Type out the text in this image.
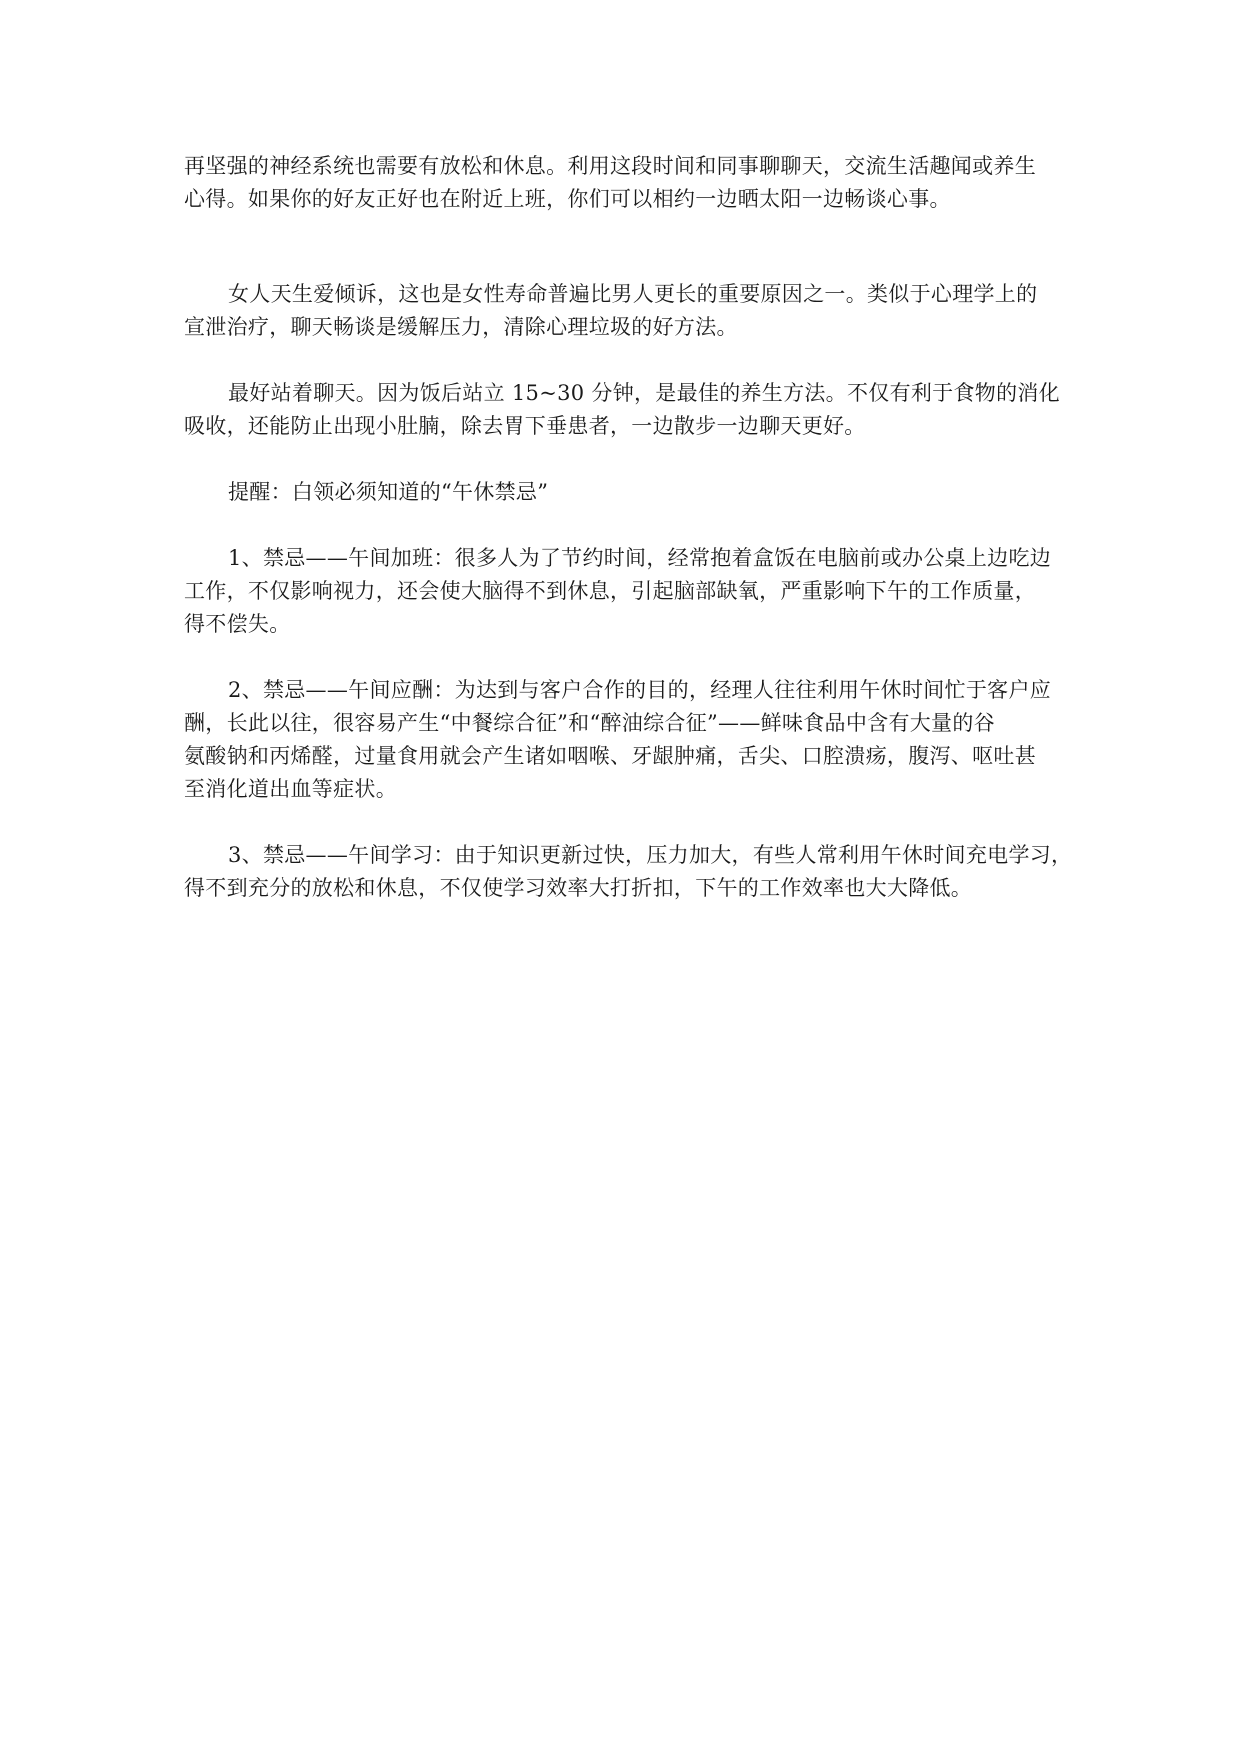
再坚强的神经系统也需要有放松和休息。利用这段时间和同事聊聊天，交流生活趣闻或养生
心得。如果你的好友正好也在附近上班，你们可以相约一边晒太阳一边畅谈心事。

女人天生爱倾诉，这也是女性寿命普遍比男人更长的重要原因之一。类似于心理学上的
宣泄治疗，聊天畅谈是缓解压力，清除心理垃圾的好方法。

最好站着聊天。因为饭后站立 15~30 分钟，是最佳的养生方法。不仅有利于食物的消化
吸收，还能防止出现小肚腩，除去胃下垂患者，一边散步一边聊天更好。

提醒：白领必须知道的“午休禁忌”

1、禁忌——午间加班：很多人为了节约时间，经常抱着盒饭在电脑前或办公桌上边吃边
工作，不仅影响视力，还会使大脑得不到休息，引起脑部缺氧，严重影响下午的工作质量，
得不偿失。

2、禁忌——午间应酬：为达到与客户合作的目的，经理人往往利用午休时间忙于客户应
酬，长此以往，很容易产生“中餐综合征”和“醉油综合征”——鲜味食品中含有大量的谷
氨酸钠和丙烯醛，过量食用就会产生诸如咽喉、牙龈肿痛，舌尖、口腔溃疡，腹泻、呕吐甚
至消化道出血等症状。

3、禁忌——午间学习：由于知识更新过快，压力加大，有些人常利用午休时间充电学习，
得不到充分的放松和休息，不仅使学习效率大打折扣，下午的工作效率也大大降低。
